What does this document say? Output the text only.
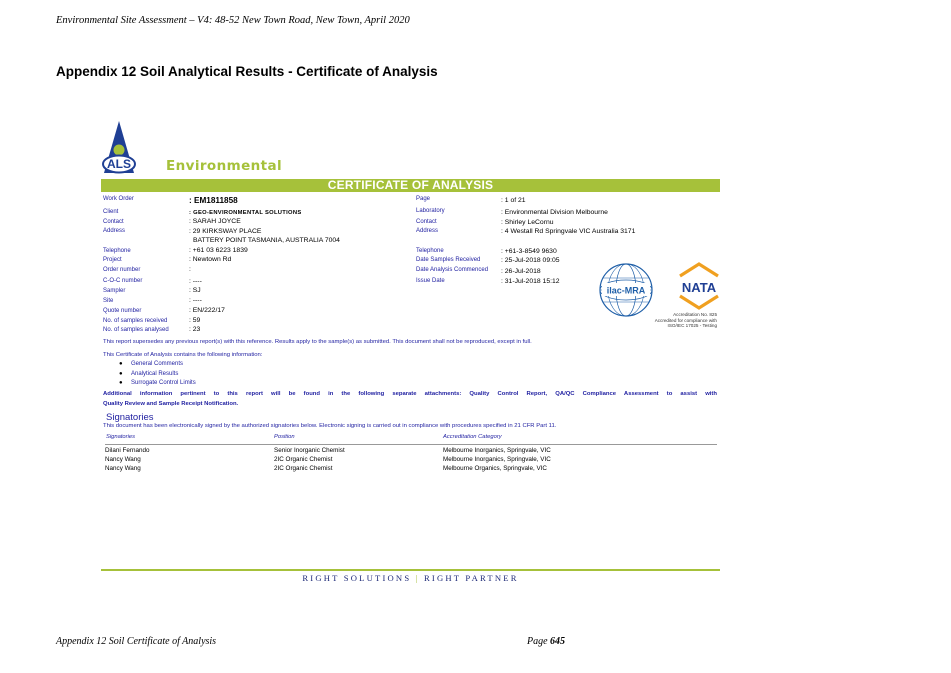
Environmental Site Assessment – V4: 48-52 New Town Road, New Town, April 2020
Appendix 12 Soil Analytical Results - Certificate of Analysis
ALS	Environmental
CERTIFICATE OF ANALYSIS
Work Order	: EM1811858
Client	: GEO-ENVIRONMENTAL SOLUTIONS
Contact	: SARAH JOYCE
Address	: 29 KIRKSWAY PLACE
BATTERY POINT TASMANIA, AUSTRALIA 7004
Telephone	: +61 03 6223 1839
Project	: Newtown Rd
Order number	:
C-O-C number	: ----
Sampler	: SJ
Site	: ----
Quote number	: EN/222/17
No. of samples received	: 59
No. of samples analysed	: 23
Page	: 1 of 21
Laboratory	: Environmental Division Melbourne
Contact	: Shirley LeCornu
Address	: 4 Westall Rd Springvale VIC Australia 3171
Telephone	: +61-3-8549 9630
Date Samples Received	: 25-Jul-2018 09:05
Date Analysis Commenced : 26-Jul-2018
Issue Date	: 31-Jul-2018 15:12
ilac-MRA	NATA
Accreditation No. 825
Accredited for compliance with
ISO/IEC 17025 - Testing
This report supersedes any previous report(s) with this reference. Results apply to the sample(s) as submitted. This document shall not be reproduced, except in full.
This Certificate of Analysis contains the following information:
● General Comments
● Analytical Results
● Surrogate Control Limits
Additional information pertinent to this report will be found in the following separate attachments: Quality Control Report, QA/QC Compliance Assessment to assist with
Quality Review and Sample Receipt Notification.
Signatories
This document has been electronically signed by the authorized signatories below. Electronic signing is carried out in compliance with procedures specified in 21 CFR Part 11.
Signatories	Position	Accreditation Category
Dilani Fernando	Senior Inorganic Chemist	Melbourne Inorganics, Springvale, VIC
Nancy Wang	2IC Organic Chemist	Melbourne Inorganics, Springvale, VIC
Nancy Wang	2IC Organic Chemist	Melbourne Organics, Springvale, VIC
RIGHT SOLUTIONS | RIGHT PARTNER
Appendix 12 Soil Certificate of Analysis	Page 645
